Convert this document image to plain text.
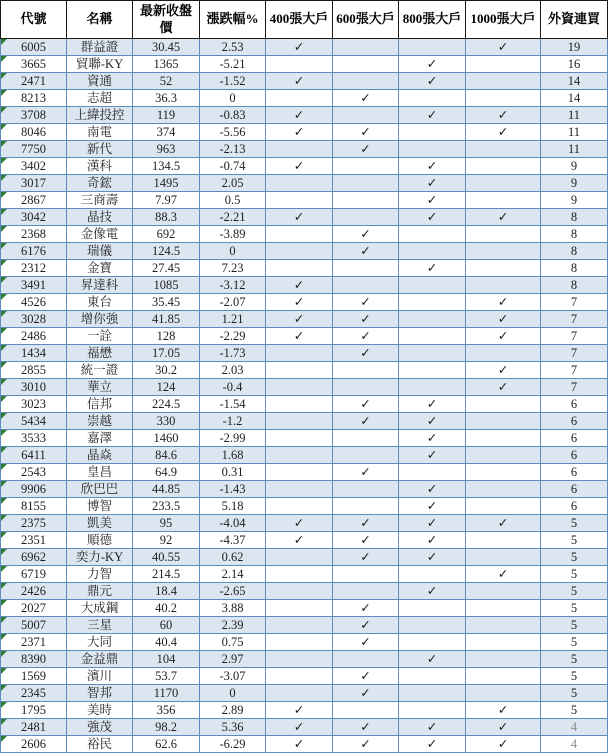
代號	名稱	最新收盤價	漲跌幅%	400張大戶	600張大戶	800張大戶	1000張大戶	外資連買

6005	群益證	30.45	2.53	✓			✓	19

3665	貿聯-KY	1365	-5.21			✓		16

2471	資通	52	-1.52	✓		✓		14

8213	志超	36.3	0		✓			14

3708	上緯投控	119	-0.83	✓		✓	✓	11

8046	南電	374	-5.56	✓	✓		✓	11

7750	新代	963	-2.13		✓			11

3402	漢科	134.5	-0.74	✓		✓		9

3017	奇鋐	1495	2.05			✓		9

2867	三商壽	7.97	0.5			✓		9

3042	晶技	88.3	-2.21	✓		✓	✓	8

2368	金像電	692	-3.89		✓			8

6176	瑞儀	124.5	0		✓			8

2312	金寶	27.45	7.23			✓		8

3491	昇達科	1085	-3.12	✓				8

4526	東台	35.45	-2.07	✓	✓		✓	7

3028	增你強	41.85	1.21	✓	✓		✓	7

2486	一詮	128	-2.29	✓	✓		✓	7

1434	福懋	17.05	-1.73		✓			7

2855	統一證	30.2	2.03				✓	7

3010	華立	124	-0.4				✓	7

3023	信邦	224.5	-1.54		✓	✓		6

5434	崇越	330	-1.2		✓	✓		6

3533	嘉澤	1460	-2.99			✓		6

6411	晶焱	84.6	1.68			✓		6

2543	皇昌	64.9	0.31		✓			6

9906	欣巴巴	44.85	-1.43			✓		6

8155	博智	233.5	5.18			✓		6

2375	凱美	95	-4.04	✓	✓	✓	✓	5

2351	順德	92	-4.37	✓	✓	✓		5

6962	奕力-KY	40.55	0.62		✓	✓		5

6719	力智	214.5	2.14				✓	5

2426	鼎元	18.4	-2.65			✓		5

2027	大成鋼	40.2	3.88		✓			5

5007	三星	60	2.39		✓			5

2371	大同	40.4	0.75		✓			5

8390	金益鼎	104	2.97			✓		5

1569	濱川	53.7	-3.07		✓			5

2345	智邦	1170	0		✓			5

1795	美時	356	2.89	✓			✓	5

2481	強茂	98.2	5.36	✓	✓	✓	✓	4

2606	裕民	62.6	-6.29	✓	✓	✓	✓	4
